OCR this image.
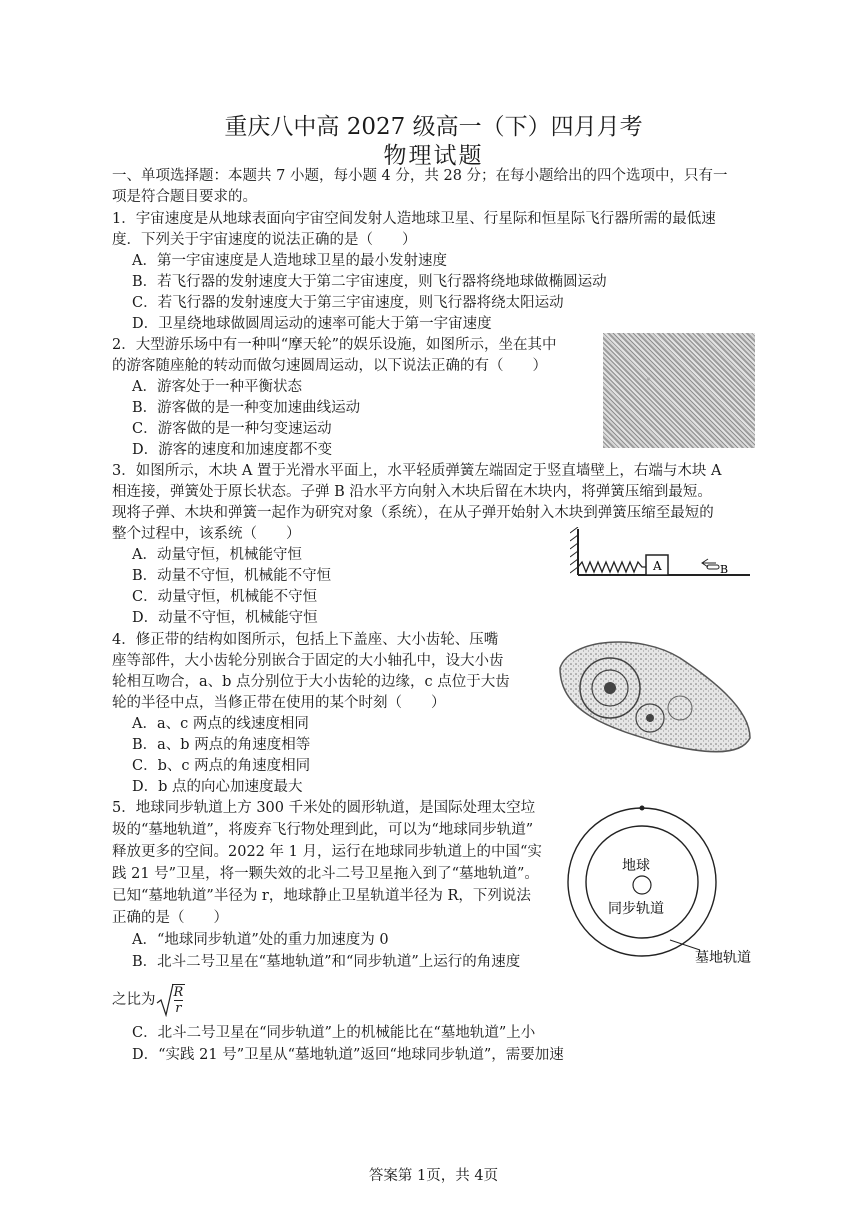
重庆八中高 2027 级高一（下）四月月考
物理试题
一、单项选择题：本题共 7 小题，每小题 4 分，共 28 分；在每小题给出的四个选项中，只有一
项是符合题目要求的。
1．宇宙速度是从地球表面向宇宙空间发射人造地球卫星、行星际和恒星际飞行器所需的最低速
度．下列关于宇宙速度的说法正确的是（　　）
A．第一宇宙速度是人造地球卫星的最小发射速度
B．若飞行器的发射速度大于第二宇宙速度，则飞行器将绕地球做椭圆运动
C．若飞行器的发射速度大于第三宇宙速度，则飞行器将绕太阳运动
D．卫星绕地球做圆周运动的速率可能大于第一宇宙速度
2．大型游乐场中有一种叫“摩天轮”的娱乐设施，如图所示，坐在其中
的游客随座舱的转动而做匀速圆周运动，以下说法正确的有（　　）
A．游客处于一种平衡状态
B．游客做的是一种变加速曲线运动
C．游客做的是一种匀变速运动
D．游客的速度和加速度都不变
3．如图所示，木块 A 置于光滑水平面上，水平轻质弹簧左端固定于竖直墙壁上，右端与木块 A
相连接，弹簧处于原长状态。子弹 B 沿水平方向射入木块后留在木块内，将弹簧压缩到最短。
现将子弹、木块和弹簧一起作为研究对象（系统），在从子弹开始射入木块到弹簧压缩至最短的
整个过程中，该系统（　　）
A．动量守恒，机械能守恒
B．动量不守恒，机械能不守恒
C．动量守恒，机械能不守恒
D．动量不守恒，机械能守恒
A	B
4．修正带的结构如图所示，包括上下盖座、大小齿轮、压嘴
座等部件，大小齿轮分别嵌合于固定的大小轴孔中，设大小齿
轮相互吻合，a、b 点分别位于大小齿轮的边缘，c 点位于大齿
轮的半径中点，当修正带在使用的某个时刻（　　）
A．a、c 两点的线速度相同
B．a、b 两点的角速度相等
C．b、c 两点的角速度相同
D．b 点的向心加速度最大
5．地球同步轨道上方 300 千米处的圆形轨道，是国际处理太空垃
圾的“墓地轨道”，将废弃飞行物处理到此，可以为“地球同步轨道”
释放更多的空间。2022 年 1 月，运行在地球同步轨道上的中国“实
践 21 号”卫星，将一颗失效的北斗二号卫星拖入到了“墓地轨道”。
已知“墓地轨道”半径为 r，地球静止卫星轨道半径为 R，下列说法
正确的是（　　）
A．“地球同步轨道”处的重力加速度为 0
B．北斗二号卫星在“墓地轨道”和“同步轨道”上运行的角速度
之比为 $\frac{R}{r}$
C．北斗二号卫星在“同步轨道”上的机械能比在“墓地轨道”上小
D．“实践 21 号”卫星从“墓地轨道”返回“地球同步轨道”，需要加速
地球
同步轨道
墓地轨道
答案第 1页，共 4页
